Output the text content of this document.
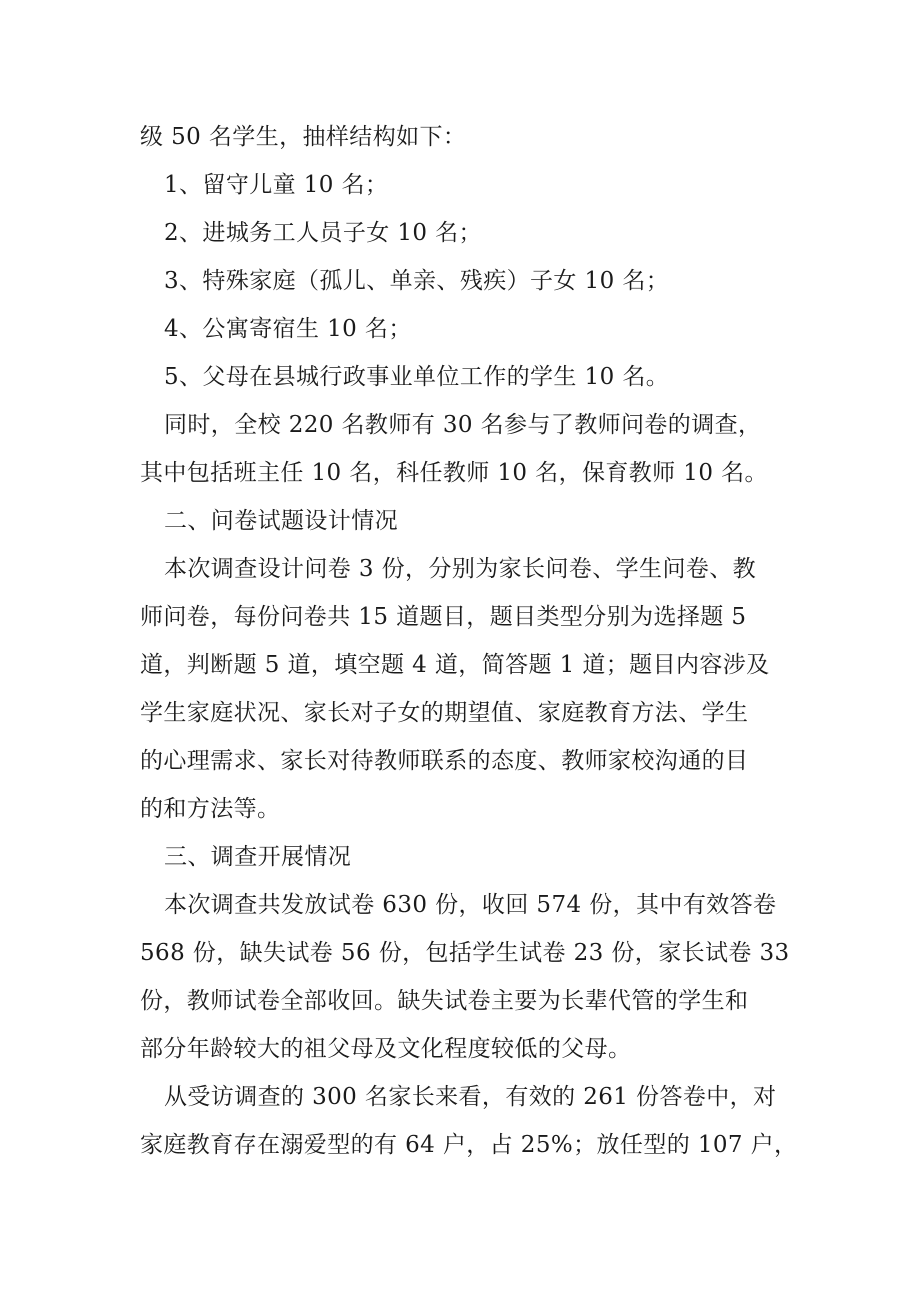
级 50 名学生，抽样结构如下：
1、留守儿童 10 名；
2、进城务工人员子女 10 名；
3、特殊家庭（孤儿、单亲、残疾）子女 10 名；
4、公寓寄宿生 10 名；
5、父母在县城行政事业单位工作的学生 10 名。
同时，全校 220 名教师有 30 名参与了教师问卷的调查，
其中包括班主任 10 名，科任教师 10 名，保育教师 10 名。
二、问卷试题设计情况
本次调查设计问卷 3 份，分别为家长问卷、学生问卷、教
师问卷，每份问卷共 15 道题目，题目类型分别为选择题 5
道，判断题 5 道，填空题 4 道，简答题 1 道；题目内容涉及
学生家庭状况、家长对子女的期望值、家庭教育方法、学生
的心理需求、家长对待教师联系的态度、教师家校沟通的目
的和方法等。
三、调查开展情况
本次调查共发放试卷 630 份，收回 574 份，其中有效答卷
568 份，缺失试卷 56 份，包括学生试卷 23 份，家长试卷 33
份，教师试卷全部收回。缺失试卷主要为长辈代管的学生和
部分年龄较大的祖父母及文化程度较低的父母。
从受访调查的 300 名家长来看，有效的 261 份答卷中，对
家庭教育存在溺爱型的有 64 户，占 25%；放任型的 107 户，
